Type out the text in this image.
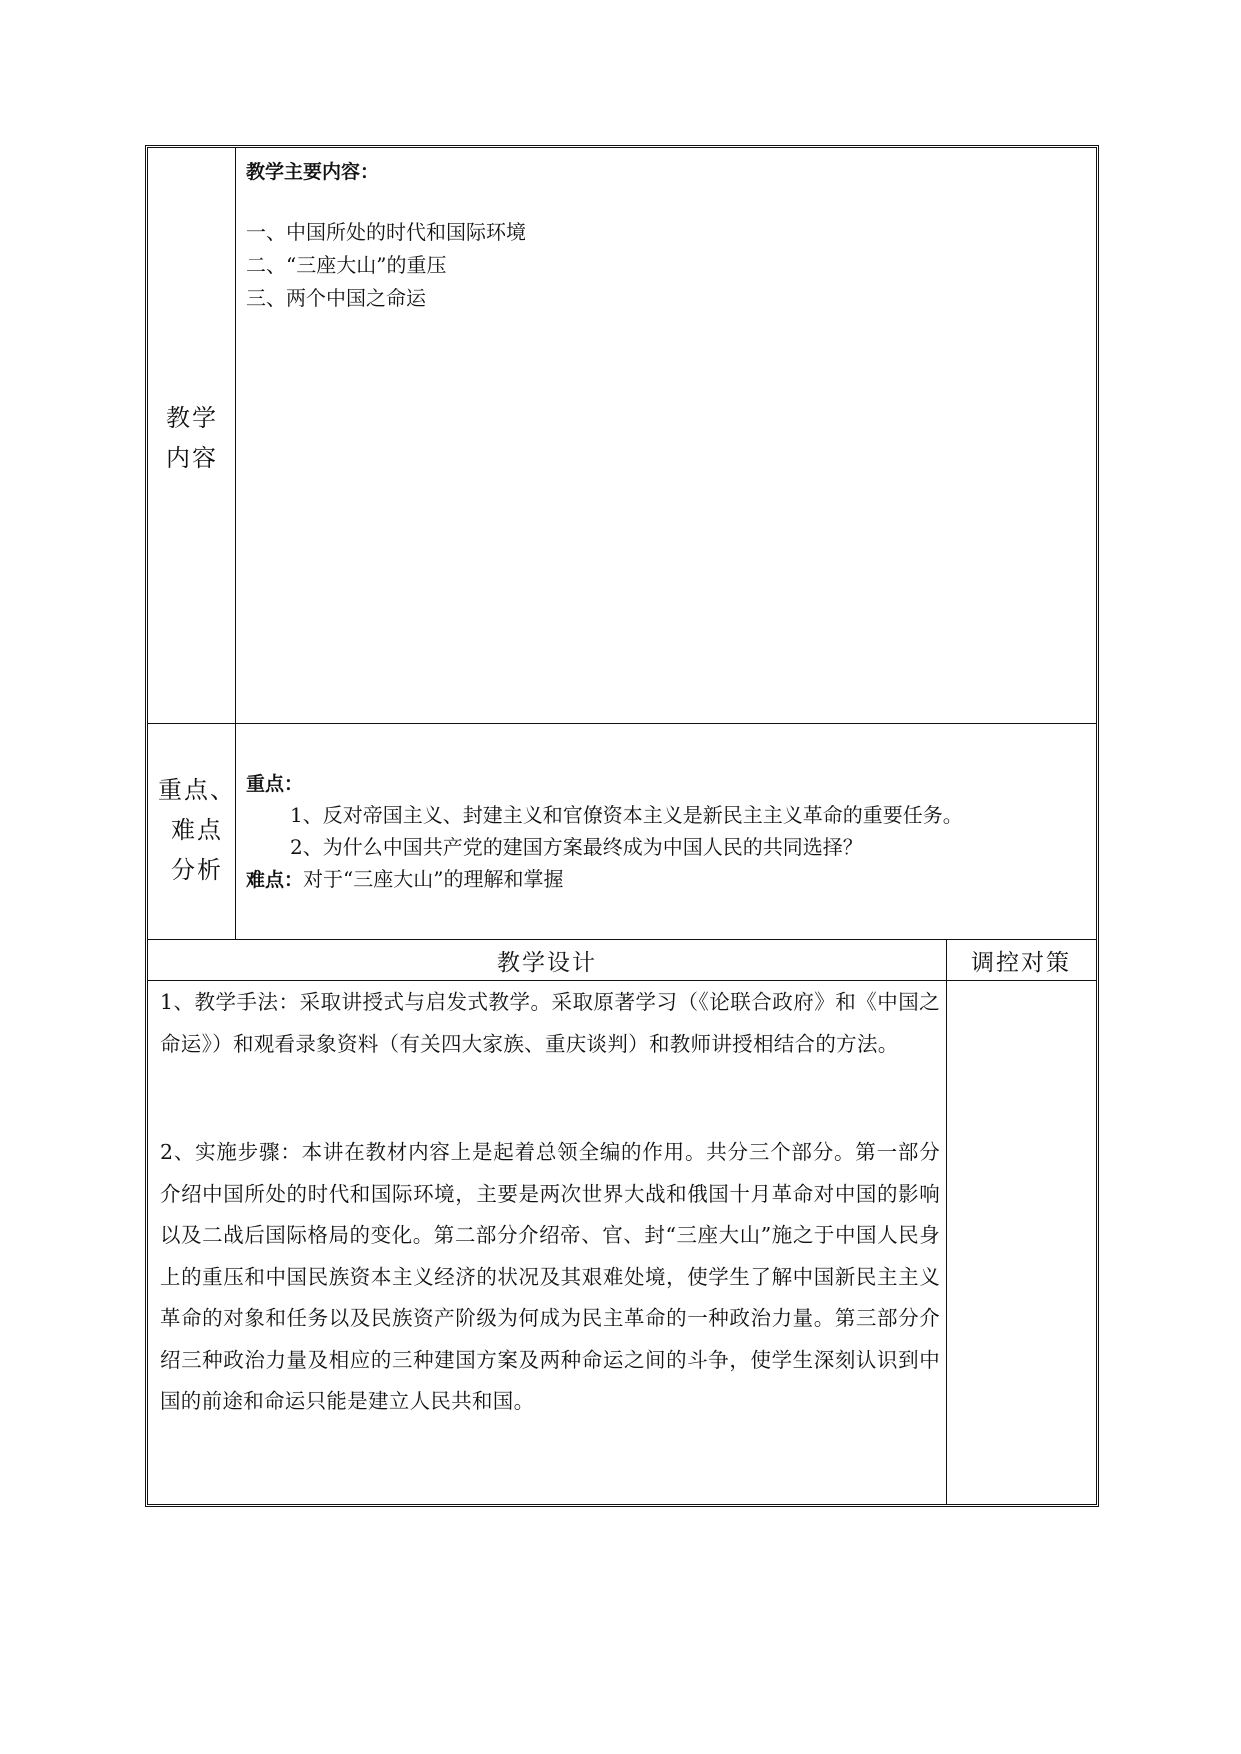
教学
内容
教学主要内容：
一、中国所处的时代和国际环境
二、“三座大山”的重压
三、两个中国之命运
重点、
难点
分析
重点：
1、反对帝国主义、封建主义和官僚资本主义是新民主主义革命的重要任务。
2、为什么中国共产党的建国方案最终成为中国人民的共同选择？
难点：对于“三座大山”的理解和掌握
教学设计	调控对策
1、教学手法：采取讲授式与启发式教学。采取原著学习（《论联合政府》和《中国之命运》）和观看录象资料（有关四大家族、重庆谈判）和教师讲授相结合的方法。
2、实施步骤：本讲在教材内容上是起着总领全编的作用。共分三个部分。第一部分介绍中国所处的时代和国际环境，主要是两次世界大战和俄国十月革命对中国的影响以及二战后国际格局的变化。第二部分介绍帝、官、封“三座大山”施之于中国人民身上的重压和中国民族资本主义经济的状况及其艰难处境，使学生了解中国新民主主义革命的对象和任务以及民族资产阶级为何成为民主革命的一种政治力量。第三部分介绍三种政治力量及相应的三种建国方案及两种命运之间的斗争，使学生深刻认识到中国的前途和命运只能是建立人民共和国。
